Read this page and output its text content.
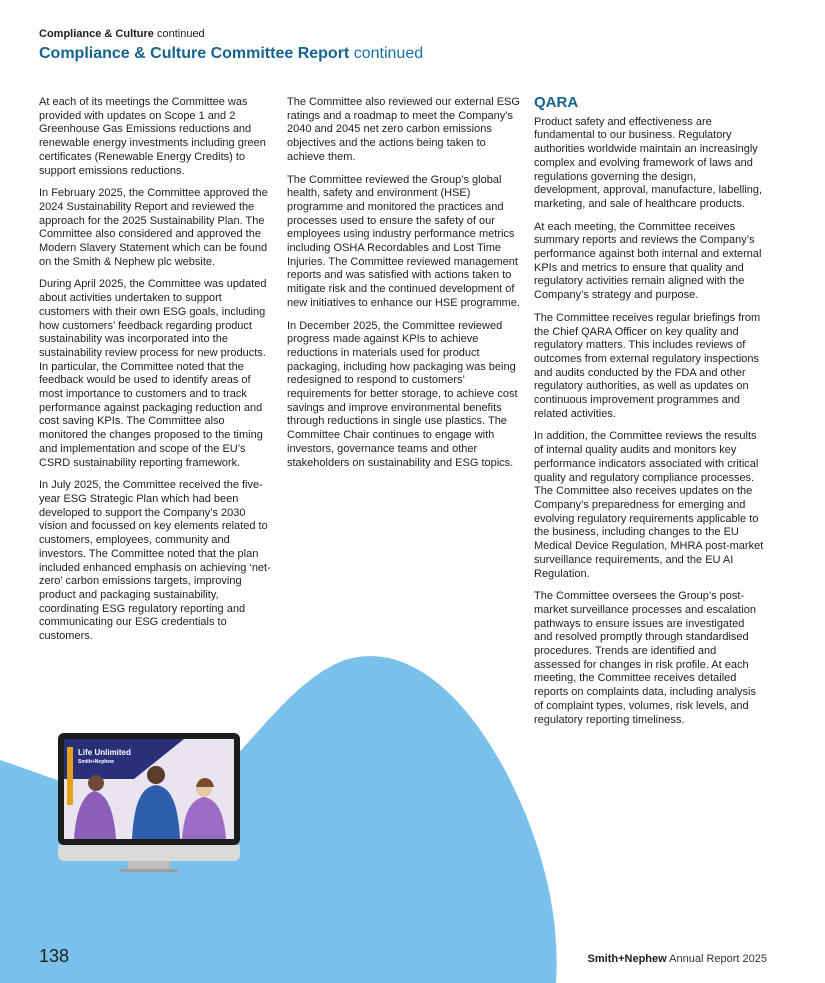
Compliance & Culture continued
Compliance & Culture Committee Report continued

At each of its meetings the Committee was provided with updates on Scope 1 and 2 Greenhouse Gas Emissions reductions and renewable energy investments including green certificates (Renewable Energy Credits) to support emissions reductions.

In February 2025, the Committee approved the 2024 Sustainability Report and reviewed the approach for the 2025 Sustainability Plan. The Committee also considered and approved the Modern Slavery Statement which can be found on the Smith & Nephew plc website.

During April 2025, the Committee was updated about activities undertaken to support customers with their own ESG goals, including how customers’ feedback regarding product sustainability was incorporated into the sustainability review process for new products. In particular, the Committee noted that the feedback would be used to identify areas of most importance to customers and to track performance against packaging reduction and cost saving KPIs. The Committee also monitored the changes proposed to the timing and implementation and scope of the EU’s CSRD sustainability reporting framework.

In July 2025, the Committee received the five-year ESG Strategic Plan which had been developed to support the Company’s 2030 vision and focussed on key elements related to customers, employees, community and investors. The Committee noted that the plan included enhanced emphasis on achieving ‘net-zero’ carbon emissions targets, improving product and packaging sustainability, coordinating ESG regulatory reporting and communicating our ESG credentials to customers.

The Committee also reviewed our external ESG ratings and a roadmap to meet the Company’s 2040 and 2045 net zero carbon emissions objectives and the actions being taken to achieve them.

The Committee reviewed the Group’s global health, safety and environment (HSE) programme and monitored the practices and processes used to ensure the safety of our employees using industry performance metrics including OSHA Recordables and Lost Time Injuries. The Committee reviewed management reports and was satisfied with actions taken to mitigate risk and the continued development of new initiatives to enhance our HSE programme.

In December 2025, the Committee reviewed progress made against KPIs to achieve reductions in materials used for product packaging, including how packaging was being redesigned to respond to customers’ requirements for better storage, to achieve cost savings and improve environmental benefits through reductions in single use plastics. The Committee Chair continues to engage with investors, governance teams and other stakeholders on sustainability and ESG topics.

QARA

Product safety and effectiveness are fundamental to our business. Regulatory authorities worldwide maintain an increasingly complex and evolving framework of laws and regulations governing the design, development, approval, manufacture, labelling, marketing, and sale of healthcare products.

At each meeting, the Committee receives summary reports and reviews the Company’s performance against both internal and external KPIs and metrics to ensure that quality and regulatory activities remain aligned with the Company’s strategy and purpose.

The Committee receives regular briefings from the Chief QARA Officer on key quality and regulatory matters. This includes reviews of outcomes from external regulatory inspections and audits conducted by the FDA and other regulatory authorities, as well as updates on continuous improvement programmes and related activities.

In addition, the Committee reviews the results of internal quality audits and monitors key performance indicators associated with critical quality and regulatory compliance processes. The Committee also receives updates on the Company’s preparedness for emerging and evolving regulatory requirements applicable to the business, including changes to the EU Medical Device Regulation, MHRA post-market surveillance requirements, and the EU AI Regulation.

The Committee oversees the Group’s post-market surveillance processes and escalation pathways to ensure issues are investigated and resolved promptly through standardised procedures. Trends are identified and assessed for changes in risk profile. At each meeting, the Committee receives detailed reports on complaints data, including analysis of complaint types, volumes, risk levels, and regulatory reporting timeliness.

Life Unlimited
Smith+Nephew
138	Smith+Nephew Annual Report 2025
